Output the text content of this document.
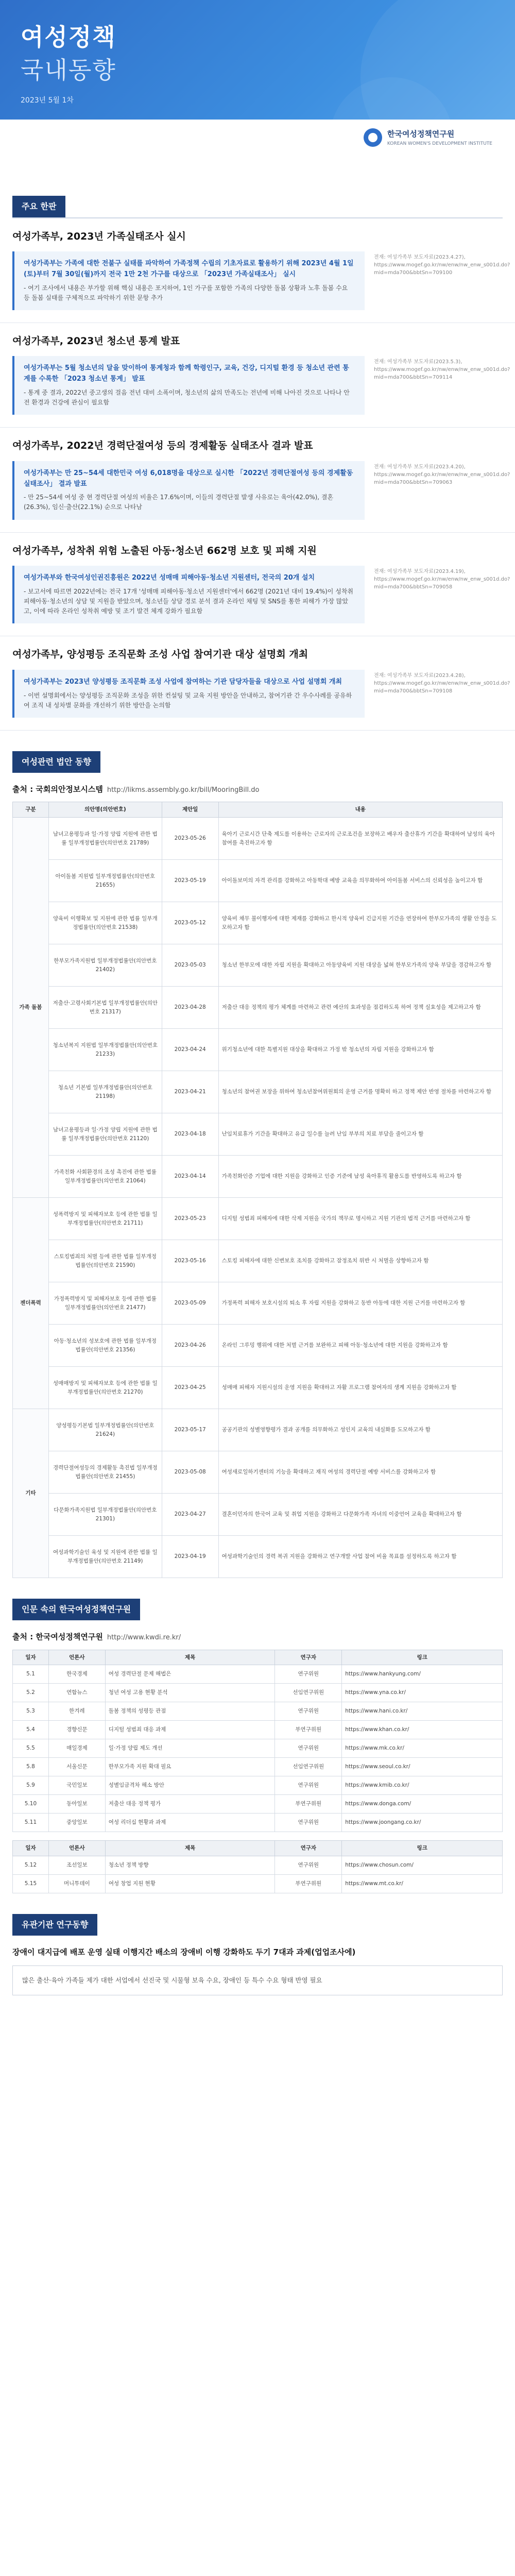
여성정책
국내동향
2023년 5월 1차
한국여성정책연구원
KOREAN WOMEN'S DEVELOPMENT INSTITUTE
주요 한판
여성가족부, 2023년 가족실태조사 실시
여성가족부는 가족에 대한 전불구 실태를 파악하여 가족정책 수립의 기초자료로 활용하기 위해 2023년 4월 1일(토)부터 7월 30일(월)까지 전국 1만 2천 가구를 대상으로 「2023년 가족실태조사」 실시
- 여기 조사에서 내용은 부가할 위해 핵심 내용은 포지하여, 1인 가구를 포함한 가족의 다양한 돌봄 상황과 노후 돌봄 수요 등 돌봄 실태를 구체적으로 파악하기 위한 문항 추가
전재: 여성가족부 보도자료(2023.4.27), https://www.mogef.go.kr/nw/enw/nw_enw_s001d.do?mid=mda700&bbtSn=709100
여성가족부, 2023년 청소년 통계 발표
여성가족부는 5월 청소년의 달을 맞이하여 통계청과 함께 학령인구, 교육, 건강, 디지털 환경 등 청소년 관련 통계를 수록한 「2023 청소년 통계」 발표
- 통계 중 결과, 2022년 중고생의 걸음 전년 대비 소폭이며, 청소년의 삶의 만족도는 전년에 비해 나아진 것으로 나타나 안전 환경과 건강에 관심이 필요함
전재: 여성가족부 보도자료(2023.5.3), https://www.mogef.go.kr/nw/enw/nw_enw_s001d.do?mid=mda700&bbtSn=709114
여성가족부, 2022년 경력단절여성 등의 경제활동 실태조사 결과 발표
여성가족부는 만 25~54세 대한민국 여성 6,018명을 대상으로 실시한 「2022년 경력단절여성 등의 경제활동 실태조사」 결과 발표
- 만 25~54세 여성 중 현 경력단절 여성의 비율은 17.6%이며, 이들의 경력단절 발생 사유로는 육아(42.0%), 결혼(26.3%), 임신·출산(22.1%) 순으로 나타남
전재: 여성가족부 보도자료(2023.4.20), https://www.mogef.go.kr/nw/enw/nw_enw_s001d.do?mid=mda700&bbtSn=709063
여성가족부, 성착취 위험 노출된 아동·청소년 662명 보호 및 피해 지원
여성가족부와 한국여성인권진흥원은 2022년 성매매 피해아동·청소년 지원센터, 전국의 20개 설치
- 보고서에 따르면 2022년에는 전국 17개 '성매매 피해아동·청소년 지원센터'에서 662명 (2021년 대비 19.4%)이 성착취 피해아동·청소년의 상담 및 지원을 받았으며, 청소년들 상담 경로 분석 결과 온라인 채팅 및 SNS를 통한 피해가 가장 많았고, 이에 따라 온라인 성착취 예방 및 조기 발견 체계 강화가 필요함
전재: 여성가족부 보도자료(2023.4.19), https://www.mogef.go.kr/nw/enw/nw_enw_s001d.do?mid=mda700&bbtSn=709058
여성가족부, 양성평등 조직문화 조성 사업 참여기관 대상 설명회 개최
여성가족부는 2023년 양성평등 조직문화 조성 사업에 참여하는 기관 담당자들을 대상으로 사업 설명회 개최
- 이번 설명회에서는 양성평등 조직문화 조성을 위한 컨설팅 및 교육 지원 방안을 안내하고, 참여기관 간 우수사례를 공유하여 조직 내 성차별 문화를 개선하기 위한 방안을 논의함
전재: 여성가족부 보도자료(2023.4.28), https://www.mogef.go.kr/nw/enw/nw_enw_s001d.do?mid=mda700&bbtSn=709108
여성관련 법안 동향
출처 : 국회의안정보시스템 http://likms.assembly.go.kr/bill/MooringBill.do
구분	의안명(의안번호)	제안일	내용
가족 돌봄	남녀고용평등과 일·가정 양립 지원에 관한 법률 일부개정법률안(의안번호 21789)	2023-05-26	육아기 근로시간 단축 제도를 이용하는 근로자의 근로조건을 보장하고 배우자 출산휴가 기간을 확대하여 남성의 육아 참여를 촉진하고자 함
	아이돌봄 지원법 일부개정법률안(의안번호 21655)	2023-05-19	아이돌보미의 자격 관리를 강화하고 아동학대 예방 교육을 의무화하여 아이돌봄 서비스의 신뢰성을 높이고자 함
	양육비 이행확보 및 지원에 관한 법률 일부개정법률안(의안번호 21538)	2023-05-12	양육비 채무 불이행자에 대한 제재를 강화하고 한시적 양육비 긴급지원 기간을 연장하여 한부모가족의 생활 안정을 도모하고자 함
	한부모가족지원법 일부개정법률안(의안번호 21402)	2023-05-03	청소년 한부모에 대한 자립 지원을 확대하고 아동양육비 지원 대상을 넓혀 한부모가족의 양육 부담을 경감하고자 함
	저출산·고령사회기본법 일부개정법률안(의안번호 21317)	2023-04-28	저출산 대응 정책의 평가 체계를 마련하고 관련 예산의 효과성을 점검하도록 하여 정책 실효성을 제고하고자 함
	청소년복지 지원법 일부개정법률안(의안번호 21233)	2023-04-24	위기청소년에 대한 특별지원 대상을 확대하고 가정 밖 청소년의 자립 지원을 강화하고자 함
	청소년 기본법 일부개정법률안(의안번호 21198)	2023-04-21	청소년의 참여권 보장을 위하여 청소년참여위원회의 운영 근거를 명확히 하고 정책 제안 반영 절차를 마련하고자 함
	남녀고용평등과 일·가정 양립 지원에 관한 법률 일부개정법률안(의안번호 21120)	2023-04-18	난임치료휴가 기간을 확대하고 유급 일수를 늘려 난임 부부의 치료 부담을 줄이고자 함
	가족친화 사회환경의 조성 촉진에 관한 법률 일부개정법률안(의안번호 21064)	2023-04-14	가족친화인증 기업에 대한 지원을 강화하고 인증 기준에 남성 육아휴직 활용도를 반영하도록 하고자 함
젠더폭력	성폭력방지 및 피해자보호 등에 관한 법률 일부개정법률안(의안번호 21711)	2023-05-23	디지털 성범죄 피해자에 대한 삭제 지원을 국가의 책무로 명시하고 지원 기관의 법적 근거를 마련하고자 함
	스토킹범죄의 처벌 등에 관한 법률 일부개정법률안(의안번호 21590)	2023-05-16	스토킹 피해자에 대한 신변보호 조치를 강화하고 잠정조치 위반 시 처벌을 상향하고자 함
	가정폭력방지 및 피해자보호 등에 관한 법률 일부개정법률안(의안번호 21477)	2023-05-09	가정폭력 피해자 보호시설의 퇴소 후 자립 지원을 강화하고 동반 아동에 대한 지원 근거를 마련하고자 함
	아동·청소년의 성보호에 관한 법률 일부개정법률안(의안번호 21356)	2023-04-26	온라인 그루밍 행위에 대한 처벌 근거를 보완하고 피해 아동·청소년에 대한 지원을 강화하고자 함
	성매매방지 및 피해자보호 등에 관한 법률 일부개정법률안(의안번호 21270)	2023-04-25	성매매 피해자 지원시설의 운영 지원을 확대하고 자활 프로그램 참여자의 생계 지원을 강화하고자 함
기타	양성평등기본법 일부개정법률안(의안번호 21624)	2023-05-17	공공기관의 성별영향평가 결과 공개를 의무화하고 성인지 교육의 내실화를 도모하고자 함
	경력단절여성등의 경제활동 촉진법 일부개정법률안(의안번호 21455)	2023-05-08	여성새로일하기센터의 기능을 확대하고 재직 여성의 경력단절 예방 서비스를 강화하고자 함
	다문화가족지원법 일부개정법률안(의안번호 21301)	2023-04-27	결혼이민자의 한국어 교육 및 취업 지원을 강화하고 다문화가족 자녀의 이중언어 교육을 확대하고자 함
	여성과학기술인 육성 및 지원에 관한 법률 일부개정법률안(의안번호 21149)	2023-04-19	여성과학기술인의 경력 복귀 지원을 강화하고 연구개발 사업 참여 비율 목표를 설정하도록 하고자 함
인문 속의 한국여성정책연구원
출처 : 한국여성정책연구원 http://www.kwdi.re.kr/
일자	언론사	제목	연구자	링크
5.1	한국경제	여성 경력단절 문제 해법은	연구위원	https://www.hankyung.com/
5.2	연합뉴스	청년 여성 고용 현황 분석	선임연구위원	https://www.yna.co.kr/
5.3	한겨레	돌봄 정책의 성평등 관점	연구위원	https://www.hani.co.kr/
5.4	경향신문	디지털 성범죄 대응 과제	부연구위원	https://www.khan.co.kr/
5.5	매일경제	일·가정 양립 제도 개선	연구위원	https://www.mk.co.kr/
5.8	서울신문	한부모가족 지원 확대 필요	선임연구위원	https://www.seoul.co.kr/
5.9	국민일보	성별임금격차 해소 방안	연구위원	https://www.kmib.co.kr/
5.10	동아일보	저출산 대응 정책 평가	부연구위원	https://www.donga.com/
5.11	중앙일보	여성 리더십 현황과 과제	연구위원	https://www.joongang.co.kr/
일자	언론사	제목	연구자	링크
5.12	조선일보	청소년 정책 방향	연구위원	https://www.chosun.com/
5.15	머니투데이	여성 창업 지원 현황	부연구위원	https://www.mt.co.kr/
유관기관 연구동향
장애이 대지급에 배포 운영 실태 이행지간 배소의 장애비 이행 강화하도 두기 7대과 과제(업업조사에)
많은 출산·육아 가족들 제가 대한 서업에서 선진국 및 시물형 보육 수요, 장애인 등 특수 수요 형태 반영 필요
